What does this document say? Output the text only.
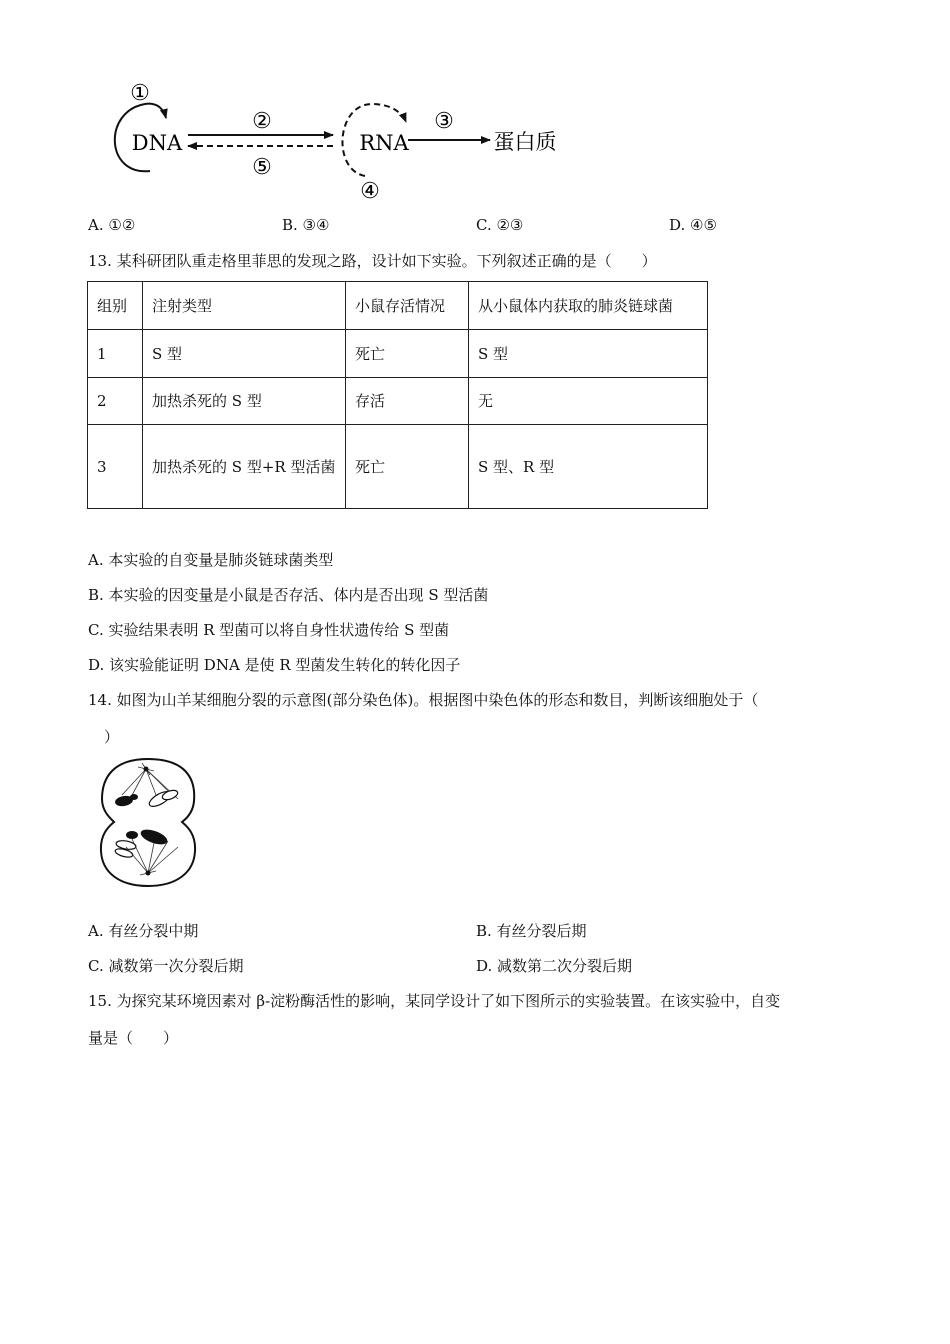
①
DNA
②
⑤
RNA
④
③
蛋白质
A. ①②	B. ③④	C. ②③	D. ④⑤
13. 某科研团队重走格里菲思的发现之路，设计如下实验。下列叙述正确的是（　　）
组别	注射类型	小鼠存活情况	从小鼠体内获取的肺炎链球菌
1	S 型	死亡	S 型
2	加热杀死的 S 型	存活	无
3	加热杀死的 S 型+R 型活菌	死亡	S 型、R 型
A. 本实验的自变量是肺炎链球菌类型
B. 本实验的因变量是小鼠是否存活、体内是否出现 S 型活菌
C. 实验结果表明 R 型菌可以将自身性状遗传给 S 型菌
D. 该实验能证明 DNA 是使 R 型菌发生转化的转化因子
14. 如图为山羊某细胞分裂的示意图(部分染色体)。根据图中染色体的形态和数目，判断该细胞处于（
）
A. 有丝分裂中期	B. 有丝分裂后期
C. 减数第一次分裂后期	D. 减数第二次分裂后期
15. 为探究某环境因素对 β-淀粉酶活性的影响，某同学设计了如下图所示的实验装置。在该实验中，自变
量是（　　）
